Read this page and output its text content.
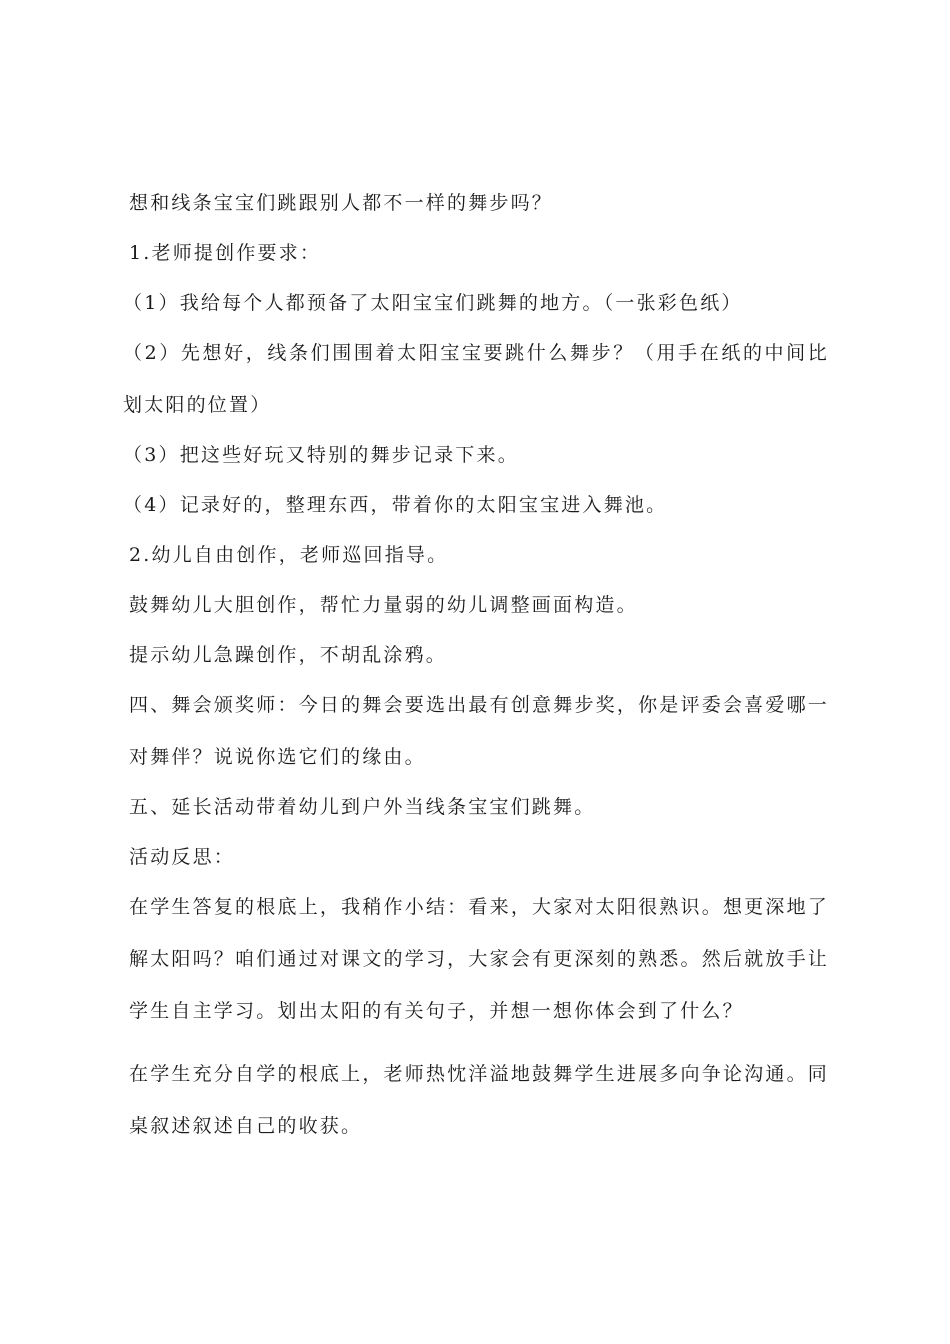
想和线条宝宝们跳跟别人都不一样的舞步吗？

1.老师提创作要求：

（1）我给每个人都预备了太阳宝宝们跳舞的地方。（一张彩色纸）

（2）先想好，线条们围围着太阳宝宝要跳什么舞步？（用手在纸的中间比划太阳的位置）

（3）把这些好玩又特别的舞步记录下来。

（4）记录好的，整理东西，带着你的太阳宝宝进入舞池。

2.幼儿自由创作，老师巡回指导。

鼓舞幼儿大胆创作，帮忙力量弱的幼儿调整画面构造。

提示幼儿急躁创作，不胡乱涂鸦。

四、舞会颁奖师：今日的舞会要选出最有创意舞步奖，你是评委会喜爱哪一对舞伴？说说你选它们的缘由。

五、延长活动带着幼儿到户外当线条宝宝们跳舞。

活动反思：

在学生答复的根底上，我稍作小结：看来，大家对太阳很熟识。想更深地了解太阳吗？咱们通过对课文的学习，大家会有更深刻的熟悉。然后就放手让学生自主学习。划出太阳的有关句子，并想一想你体会到了什么？

在学生充分自学的根底上，老师热忱洋溢地鼓舞学生进展多向争论沟通。同桌叙述叙述自己的收获。
